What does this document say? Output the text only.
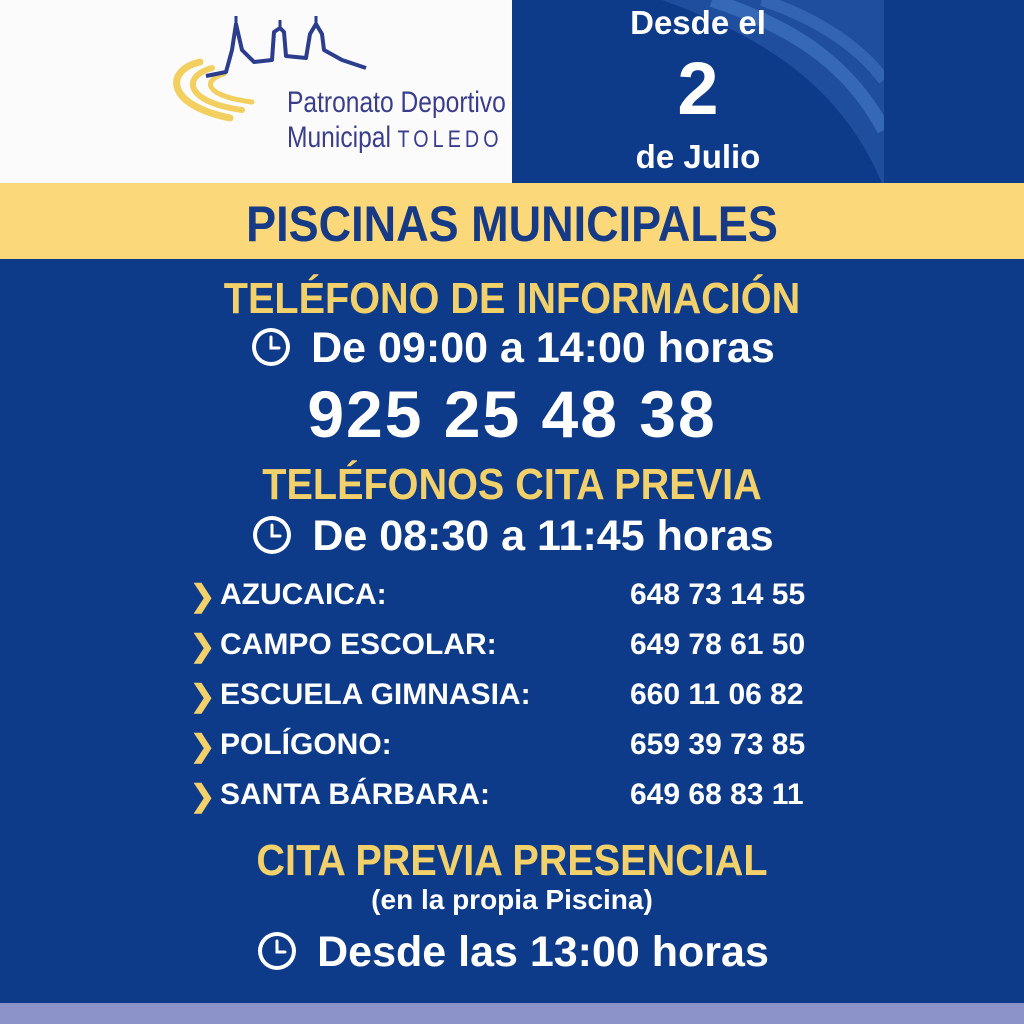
Patronato Deportivo
Municipal TOLEDO
Desde el
2
de Julio
PISCINAS MUNICIPALES
TELÉFONO DE INFORMACIÓN
De 09:00 a 14:00 horas
925 25 48 38
TELÉFONOS CITA PREVIA
De 08:30 a 11:45 horas
❯ AZUCAICA:	648 73 14 55
❯ CAMPO ESCOLAR:	649 78 61 50
❯ ESCUELA GIMNASIA:	660 11 06 82
❯ POLÍGONO:	659 39 73 85
❯ SANTA BÁRBARA:	649 68 83 11
CITA PREVIA PRESENCIAL
(en la propia Piscina)
Desde las 13:00 horas
